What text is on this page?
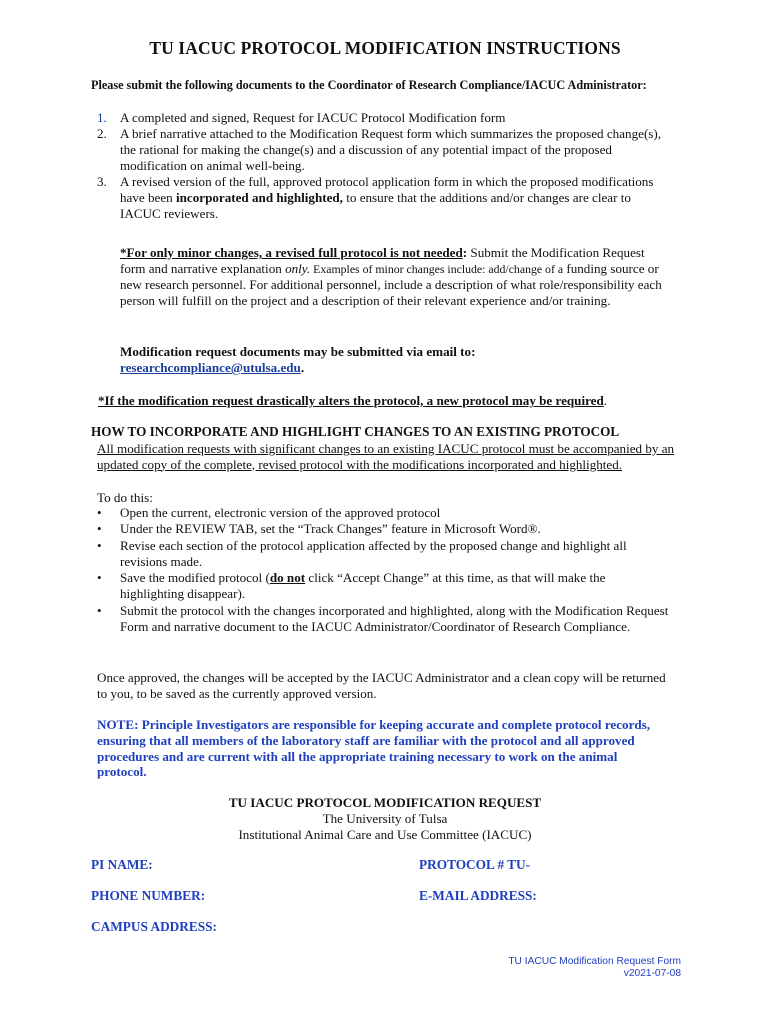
TU IACUC PROTOCOL MODIFICATION INSTRUCTIONS
Please submit the following documents to the Coordinator of Research Compliance/IACUC Administrator:
1. A completed and signed, Request for IACUC Protocol Modification form
2. A brief narrative attached to the Modification Request form which summarizes the proposed change(s), the rational for making the change(s) and a discussion of any potential impact of the proposed modification on animal well-being.
3. A revised version of the full, approved protocol application form in which the proposed modifications have been incorporated and highlighted, to ensure that the additions and/or changes are clear to IACUC reviewers.
*For only minor changes, a revised full protocol is not needed: Submit the Modification Request form and narrative explanation only. Examples of minor changes include: add/change of a funding source or new research personnel. For additional personnel, include a description of what role/responsibility each person will fulfill on the project and a description of their relevant experience and/or training.
Modification request documents may be submitted via email to:
researchcompliance@utulsa.edu.
*If the modification request drastically alters the protocol, a new protocol may be required.
HOW TO INCORPORATE AND HIGHLIGHT CHANGES TO AN EXISTING PROTOCOL
All modification requests with significant changes to an existing IACUC protocol must be accompanied by an updated copy of the complete, revised protocol with the modifications incorporated and highlighted.
To do this:
• Open the current, electronic version of the approved protocol
• Under the REVIEW TAB, set the “Track Changes” feature in Microsoft Word®.
• Revise each section of the protocol application affected by the proposed change and highlight all revisions made.
• Save the modified protocol (do not click “Accept Change” at this time, as that will make the highlighting disappear).
• Submit the protocol with the changes incorporated and highlighted, along with the Modification Request Form and narrative document to the IACUC Administrator/Coordinator of Research Compliance.
Once approved, the changes will be accepted by the IACUC Administrator and a clean copy will be returned to you, to be saved as the currently approved version.
NOTE: Principle Investigators are responsible for keeping accurate and complete protocol records, ensuring that all members of the laboratory staff are familiar with the protocol and all approved procedures and are current with all the appropriate training necessary to work on the animal protocol.
TU IACUC PROTOCOL MODIFICATION REQUEST
The University of Tulsa
Institutional Animal Care and Use Committee (IACUC)
PI NAME:	PROTOCOL # TU-
PHONE NUMBER:	E-MAIL ADDRESS:
CAMPUS ADDRESS:
TU IACUC Modification Request Form
v2021-07-08
